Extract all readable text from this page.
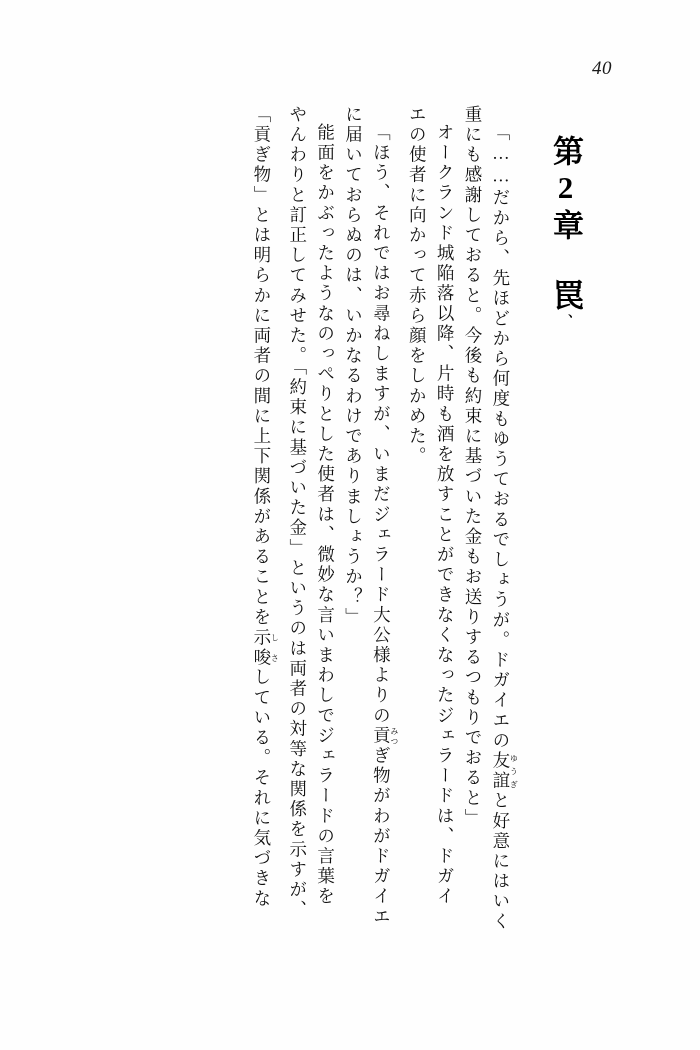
40
第2章　罠、
「……だから、先ほどから何度もゆうておるでしょうが。ドガイエの友誼ゆうぎと好意にはいく
重にも感謝しておると。今後も約束に基づいた金もお送りするつもりでおると」
オークランド城陥落以降、片時も酒を放すことができなくなったジェラードは、ドガイ
エの使者に向かって赤ら顔をしかめた。
「ほう、それではお尋ねしますが、いまだジェラード大公様よりの貢みつぎ物がわがドガイエ
に届いておらぬのは、いかなるわけでありましょうか？」
能面をかぶったようなのっぺりとした使者は、微妙な言いまわしでジェラードの言葉を
やんわりと訂正してみせた。「約束に基づいた金」というのは両者の対等な関係を示すが、
「貢ぎ物」とは明らかに両者の間に上下関係があることを示唆しさしている。それに気づきな
